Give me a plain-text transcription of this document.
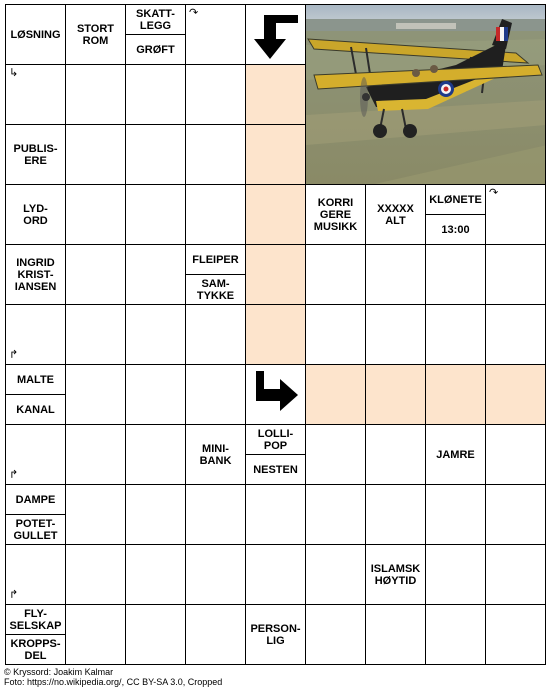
LØSNING	STORT
ROM
SKATT-
LEGG
GRØFT
PUBLIS-
ERE
LYD-
ORD
KORRI
GERE
MUSIKK
XXXXX
ALT
KLØNETE
13:00
INGRID
KRIST-
IANSEN
FLEIPER
SAM-
TYKKE
MALTE
KANAL
MINI-
BANK
LOLLI-
POP
NESTEN
JAMRE
DAMPE
POTET-
GULLET
ISLAMSK
HØYTID
FLY-
SELSKAP
KROPPS-
DEL
PERSON-
LIG
↷
↳
↷
↱
↱
↱
© Kryssord: Joakim Kalmar
Foto: https://no.wikipedia.org/, CC BY-SA 3.0, Cropped
